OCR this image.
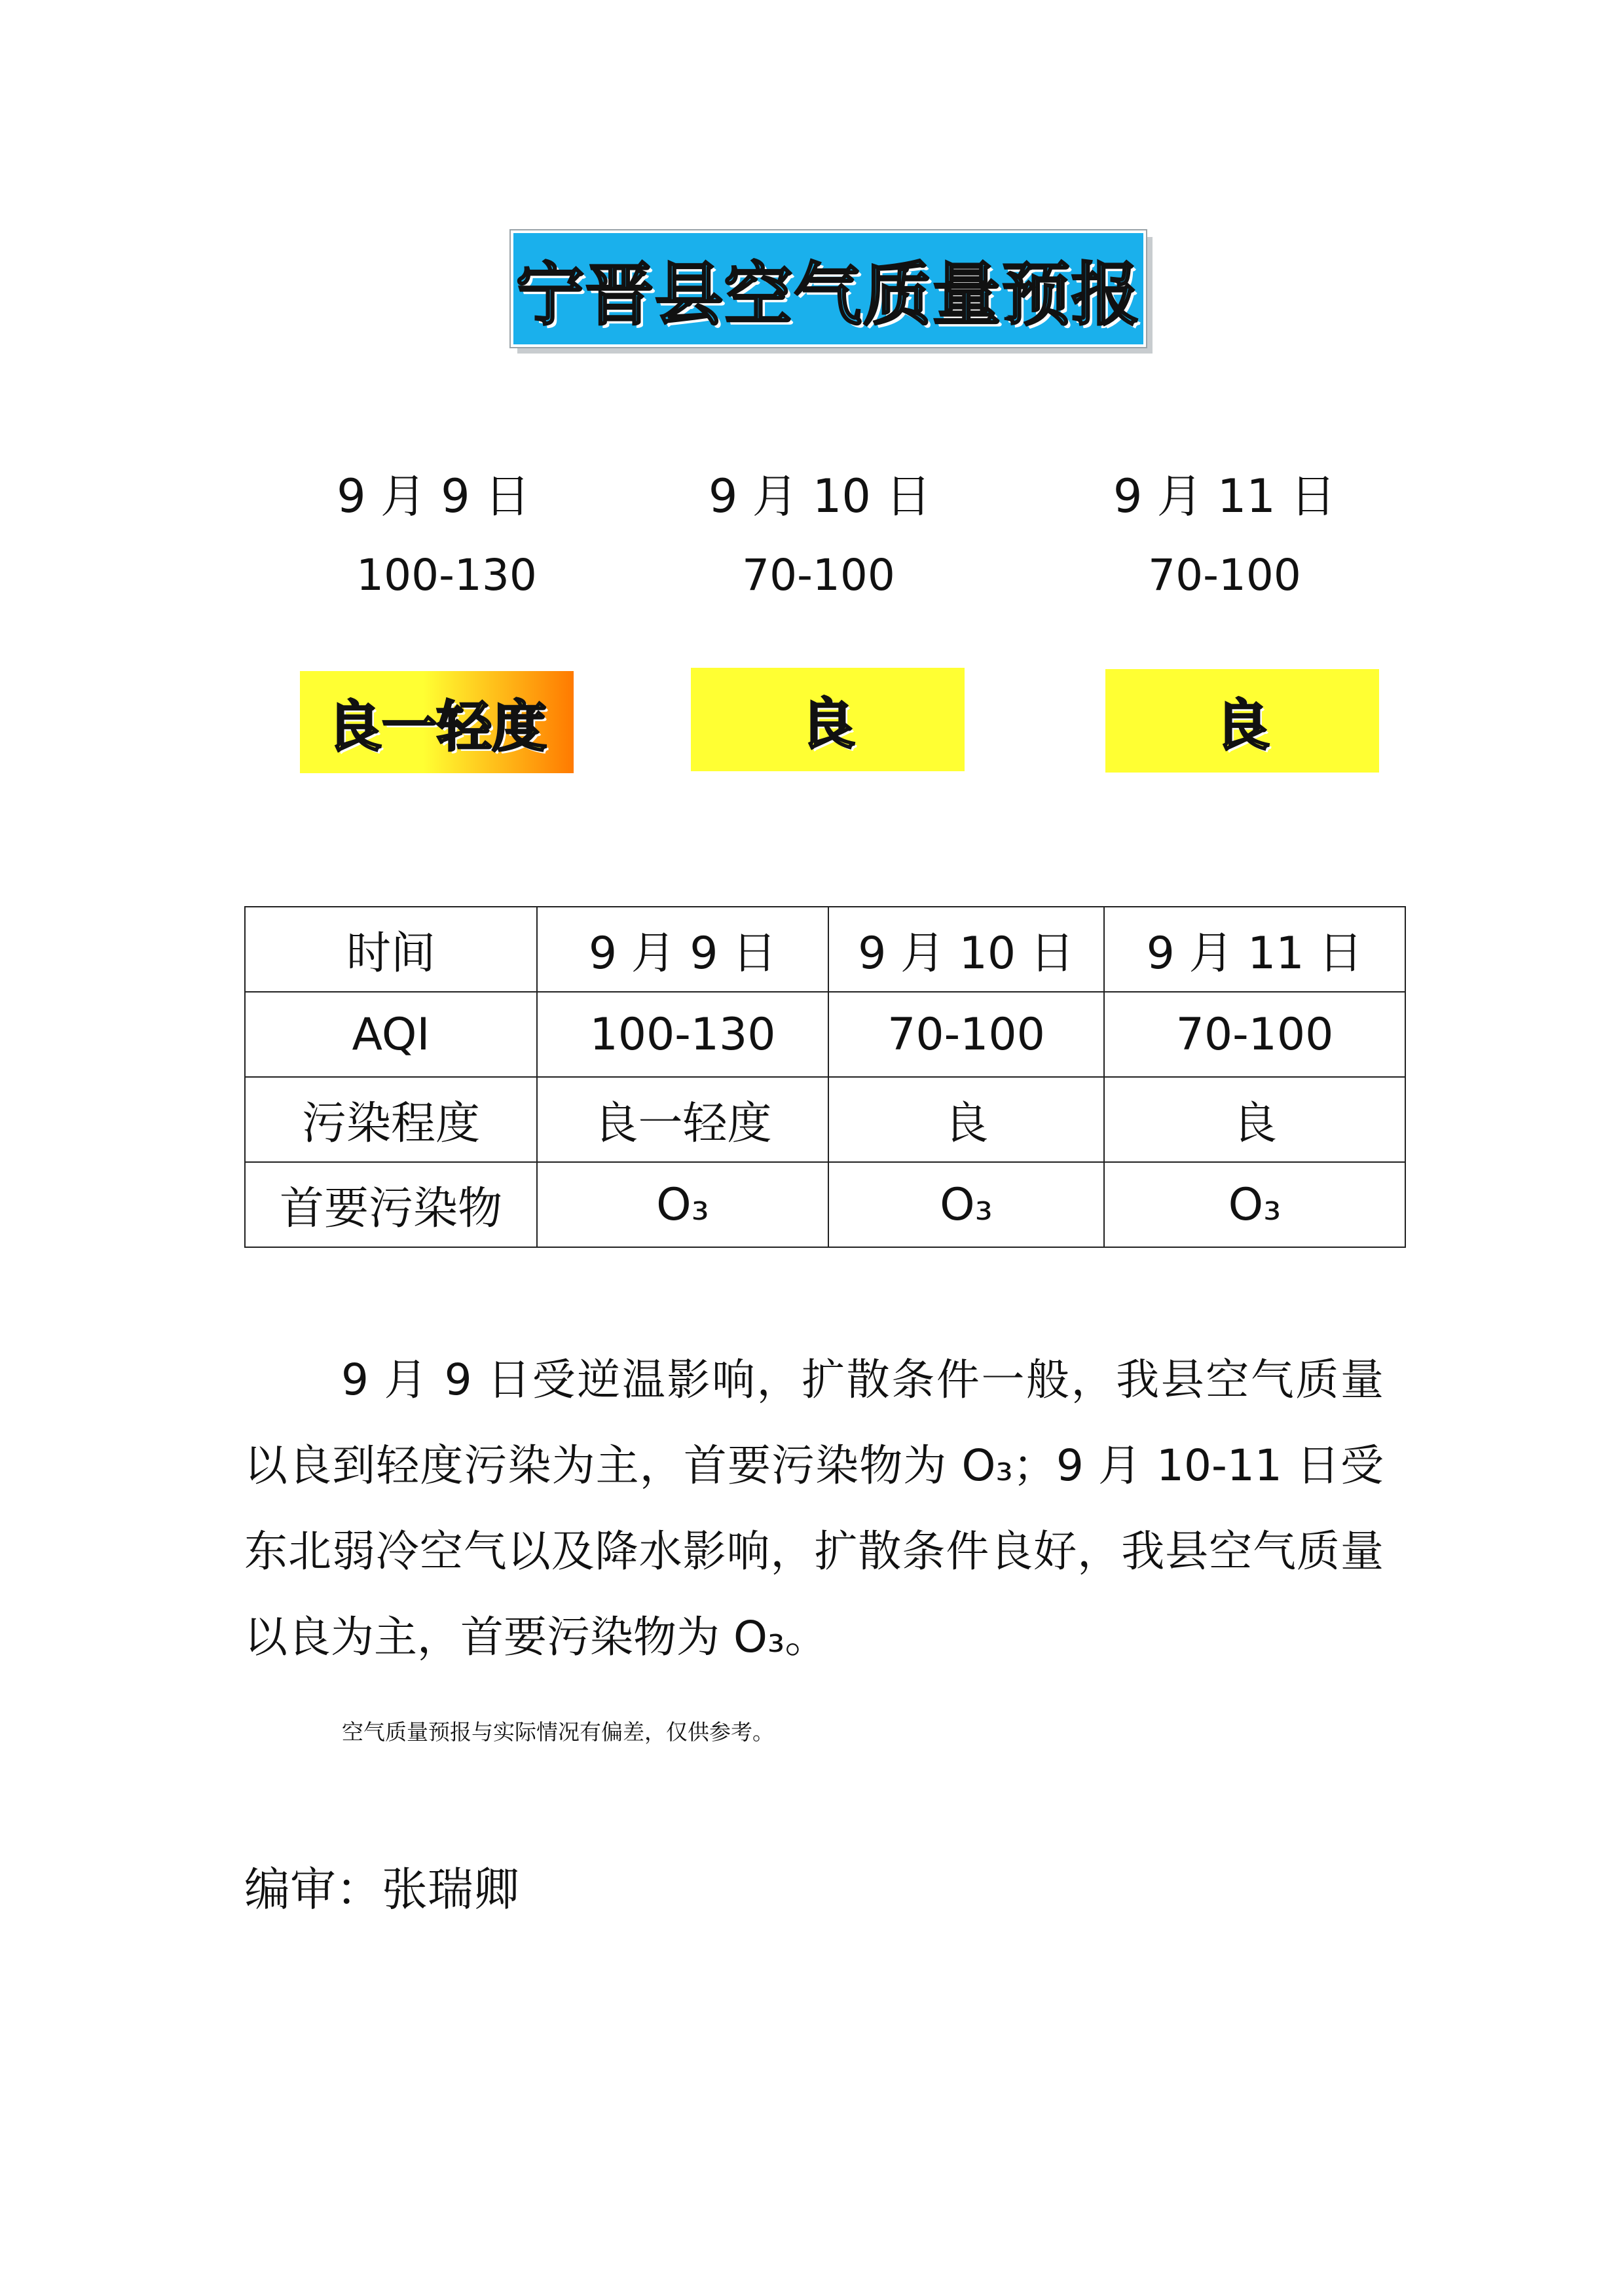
宁晋县空气质量预报
9 月 9 日
100-130
良一轻度
9 月 10 日
70-100
良
9 月 11 日
70-100
良
时间	9 月 9 日	9 月 10 日	9 月 11 日
AQI	100-130	70-100	70-100
污染程度	良一轻度	良	良
首要污染物	O₃	O₃	O₃

9 月 9 日受逆温影响，扩散条件一般，我县空气质量以良到轻度污染为主，首要污染物为 O₃；9 月 10-11 日受东北弱冷空气以及降水影响，扩散条件良好，我县空气质量以良为主，首要污染物为 O₃。

空气质量预报与实际情况有偏差，仅供参考。
编审：张瑞卿
